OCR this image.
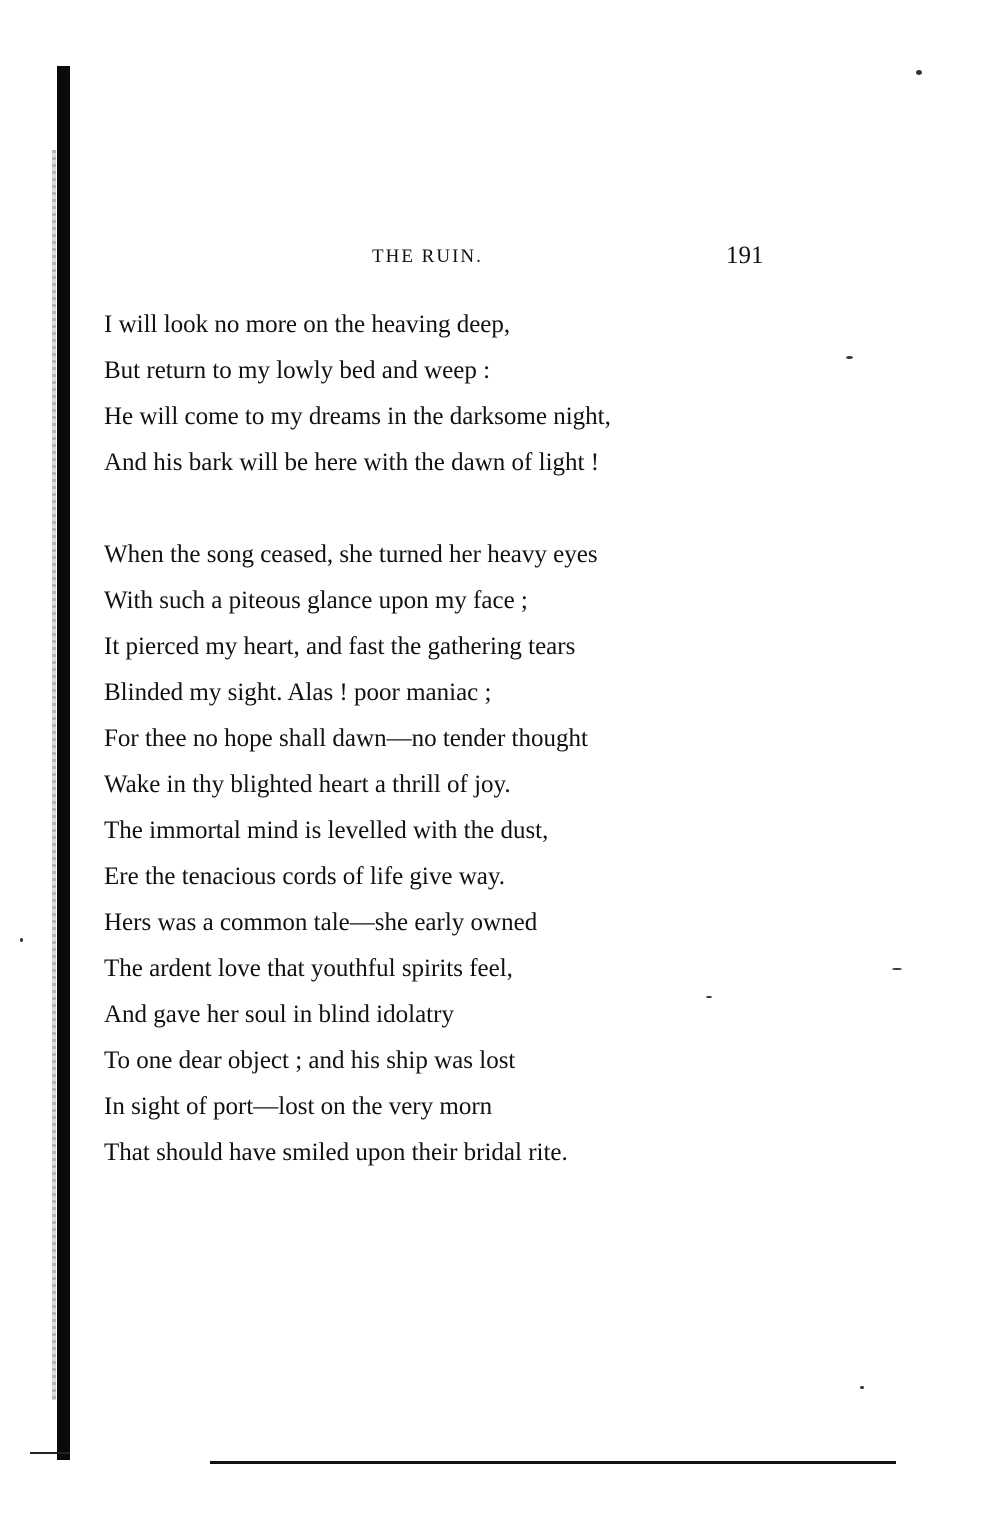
THE RUIN.	191
I will look no more on the heaving deep,
But return to my lowly bed and weep :
He will come to my dreams in the darksome night,
And his bark will be here with the dawn of light !
When the song ceased, she turned her heavy eyes
With such a piteous glance upon my face ;
It pierced my heart, and fast the gathering tears
Blinded my sight. Alas ! poor maniac ;
For thee no hope shall dawn—no tender thought
Wake in thy blighted heart a thrill of joy.
The immortal mind is levelled with the dust,
Ere the tenacious cords of life give way.
Hers was a common tale—she early owned
The ardent love that youthful spirits feel,
And gave her soul in blind idolatry
To one dear object ; and his ship was lost
In sight of port—lost on the very morn
That should have smiled upon their bridal rite.
